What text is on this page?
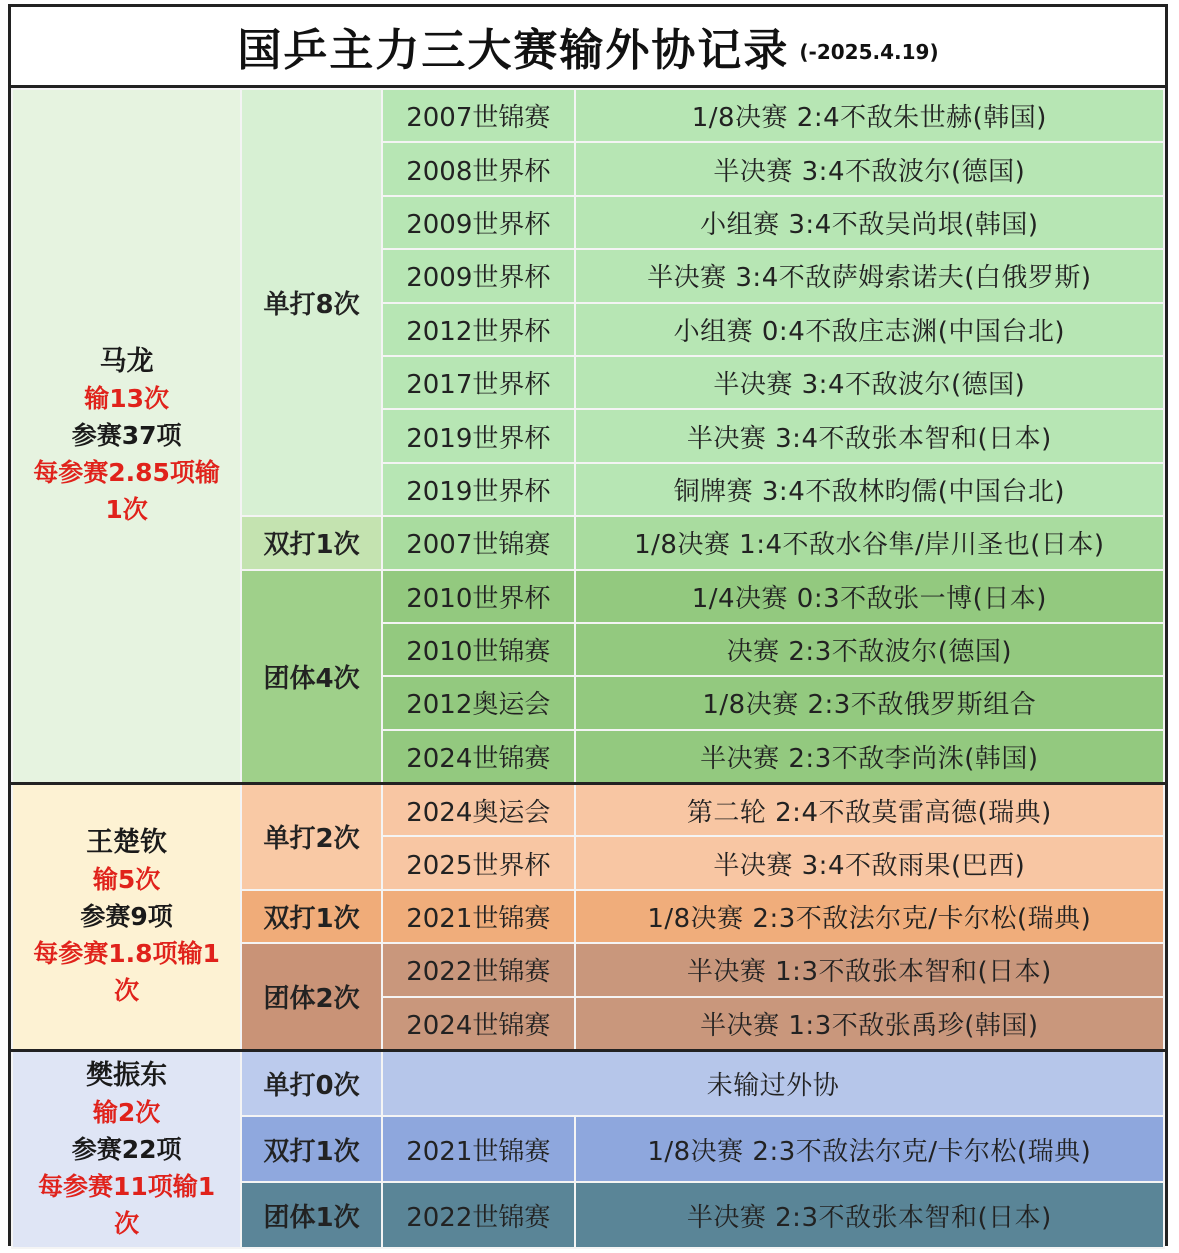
国乒主力三大赛输外协记录 (-2025.4.19)
马龙
输13次
参赛37项
每参赛2.85项输1次	单打8次	2007世锦赛	1/8决赛 2:4不敌朱世赫(韩国)
		2008世界杯	半决赛 3:4不敌波尔(德国)
		2009世界杯	小组赛 3:4不敌吴尚垠(韩国)
		2009世界杯	半决赛 3:4不敌萨姆索诺夫(白俄罗斯)
		2012世界杯	小组赛 0:4不敌庄志渊(中国台北)
		2017世界杯	半决赛 3:4不敌波尔(德国)
		2019世界杯	半决赛 3:4不敌张本智和(日本)
		2019世界杯	铜牌赛 3:4不敌林昀儒(中国台北)
	双打1次	2007世锦赛	1/8决赛 1:4不敌水谷隼/岸川圣也(日本)
	团体4次	2010世界杯	1/4决赛 0:3不敌张一博(日本)
		2010世锦赛	决赛 2:3不敌波尔(德国)
		2012奥运会	1/8决赛 2:3不敌俄罗斯组合
		2024世锦赛	半决赛 2:3不敌李尚洙(韩国)

王楚钦
输5次
参赛9项
每参赛1.8项输1次	单打2次	2024奥运会	第二轮 2:4不敌莫雷高德(瑞典)
		2025世界杯	半决赛 3:4不敌雨果(巴西)
	双打1次	2021世锦赛	1/8决赛 2:3不敌法尔克/卡尔松(瑞典)
	团体2次	2022世锦赛	半决赛 1:3不敌张本智和(日本)
		2024世锦赛	半决赛 1:3不敌张禹珍(韩国)

樊振东
输2次
参赛22项
每参赛11项输1次	单打0次	未输过外协	
	双打1次	2021世锦赛	1/8决赛 2:3不敌法尔克/卡尔松(瑞典)
	团体1次	2022世锦赛	半决赛 2:3不敌张本智和(日本)
